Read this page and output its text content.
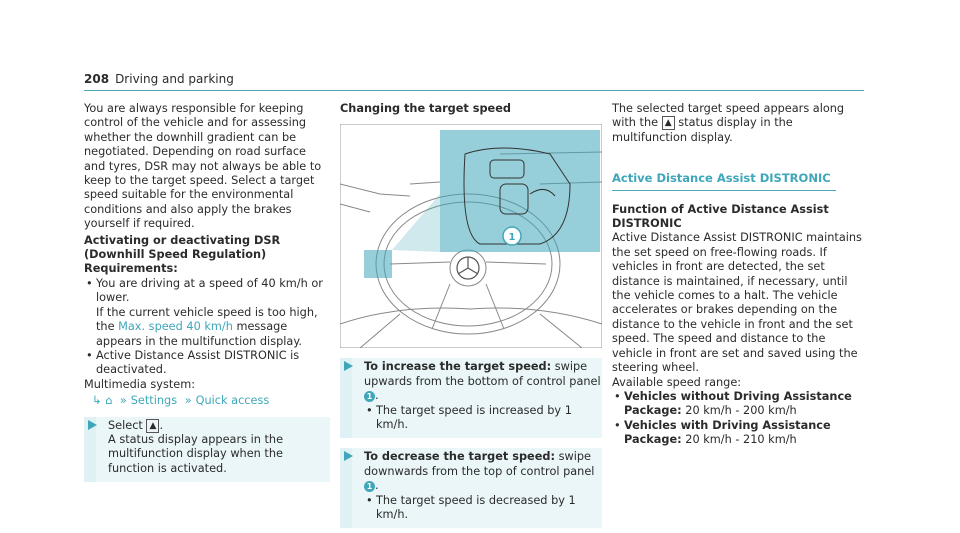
208 Driving and parking

You are always responsible for keeping control of the vehicle and for assessing whether the downhill gradient can be negotiated. Depending on road surface and tyres, DSR may not always be able to keep to the target speed. Select a target speed suitable for the environmental conditions and also apply the brakes yourself if required.

Activating or deactivating DSR (Downhill Speed Regulation)

Requirements:

• You are driving at a speed of 40 km/h or lower.

If the current vehicle speed is too high, the Max. speed 40 km/h message appears in the multifunction display.

• Active Distance Assist DISTRONIC is deactivated.

Multimedia system:

↳ ⌂ » Settings » Quick access

Select ▲ .

A status display appears in the multifunction display when the function is activated.

Changing the target speed

1

To increase the target speed: swipe upwards from the bottom of control panel

1 .

• The target speed is increased by 1 km/h.

To decrease the target speed: swipe downwards from the top of control panel 1 .

• The target speed is decreased by 1 km/h.

The selected target speed appears along with the ▲ status display in the multifunction display.

Active Distance Assist DISTRONIC

Function of Active Distance Assist DISTRONIC

Active Distance Assist DISTRONIC maintains the set speed on free-flowing roads. If vehicles in front are detected, the set distance is maintained, if necessary, until the vehicle comes to a halt. The vehicle accelerates or brakes depending on the distance to the vehicle in front and the set speed. The speed and distance to the vehicle in front are set and saved using the steering wheel.

Available speed range:

• Vehicles without Driving Assistance Package: 20 km/h - 200 km/h

• Vehicles with Driving Assistance Package: 20 km/h - 210 km/h
